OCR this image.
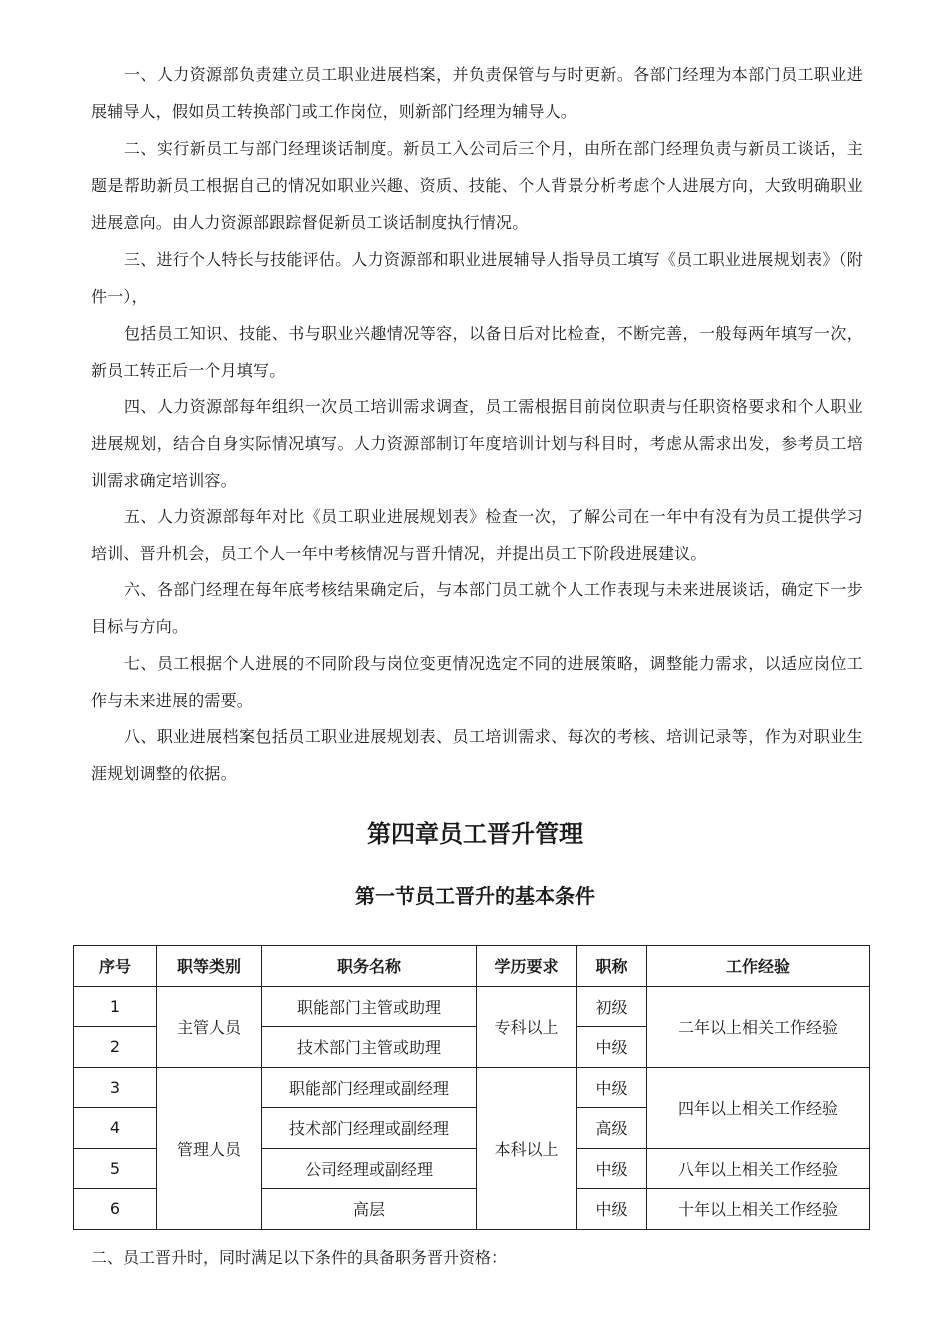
一、人力资源部负责建立员工职业进展档案，并负责保管与与时更新。各部门经理为本部门员工职业进展辅导人，假如员工转换部门或工作岗位，则新部门经理为辅导人。

二、实行新员工与部门经理谈话制度。新员工入公司后三个月，由所在部门经理负责与新员工谈话，主题是帮助新员工根据自己的情况如职业兴趣、资质、技能、个人背景分析考虑个人进展方向，大致明确职业进展意向。由人力资源部跟踪督促新员工谈话制度执行情况。

三、进行个人特长与技能评估。人力资源部和职业进展辅导人指导员工填写《员工职业进展规划表》（附件一），

包括员工知识、技能、书与职业兴趣情况等容，以备日后对比检查，不断完善，一般每两年填写一次，新员工转正后一个月填写。

四、人力资源部每年组织一次员工培训需求调查，员工需根据目前岗位职责与任职资格要求和个人职业进展规划，结合自身实际情况填写。人力资源部制订年度培训计划与科目时，考虑从需求出发，参考员工培训需求确定培训容。

五、人力资源部每年对比《员工职业进展规划表》检查一次，了解公司在一年中有没有为员工提供学习培训、晋升机会，员工个人一年中考核情况与晋升情况，并提出员工下阶段进展建议。

六、各部门经理在每年底考核结果确定后，与本部门员工就个人工作表现与未来进展谈话，确定下一步目标与方向。

七、员工根据个人进展的不同阶段与岗位变更情况选定不同的进展策略，调整能力需求，以适应岗位工作与未来进展的需要。

八、职业进展档案包括员工职业进展规划表、员工培训需求、每次的考核、培训记录等，作为对职业生涯规划调整的依据。

第四章员工晋升管理
第一节员工晋升的基本条件
序号	职等类别	职务名称	学历要求	职称	工作经验
1	主管人员	职能部门主管或助理	专科以上	初级	二年以上相关工作经验
2		技术部门主管或助理		中级	
3	管理人员	职能部门经理或副经理	本科以上	中级	四年以上相关工作经验
4		技术部门经理或副经理		高级	
5		公司经理或副经理		中级	八年以上相关工作经验
6		高层		中级	十年以上相关工作经验
二、员工晋升时，同时满足以下条件的具备职务晋升资格：
